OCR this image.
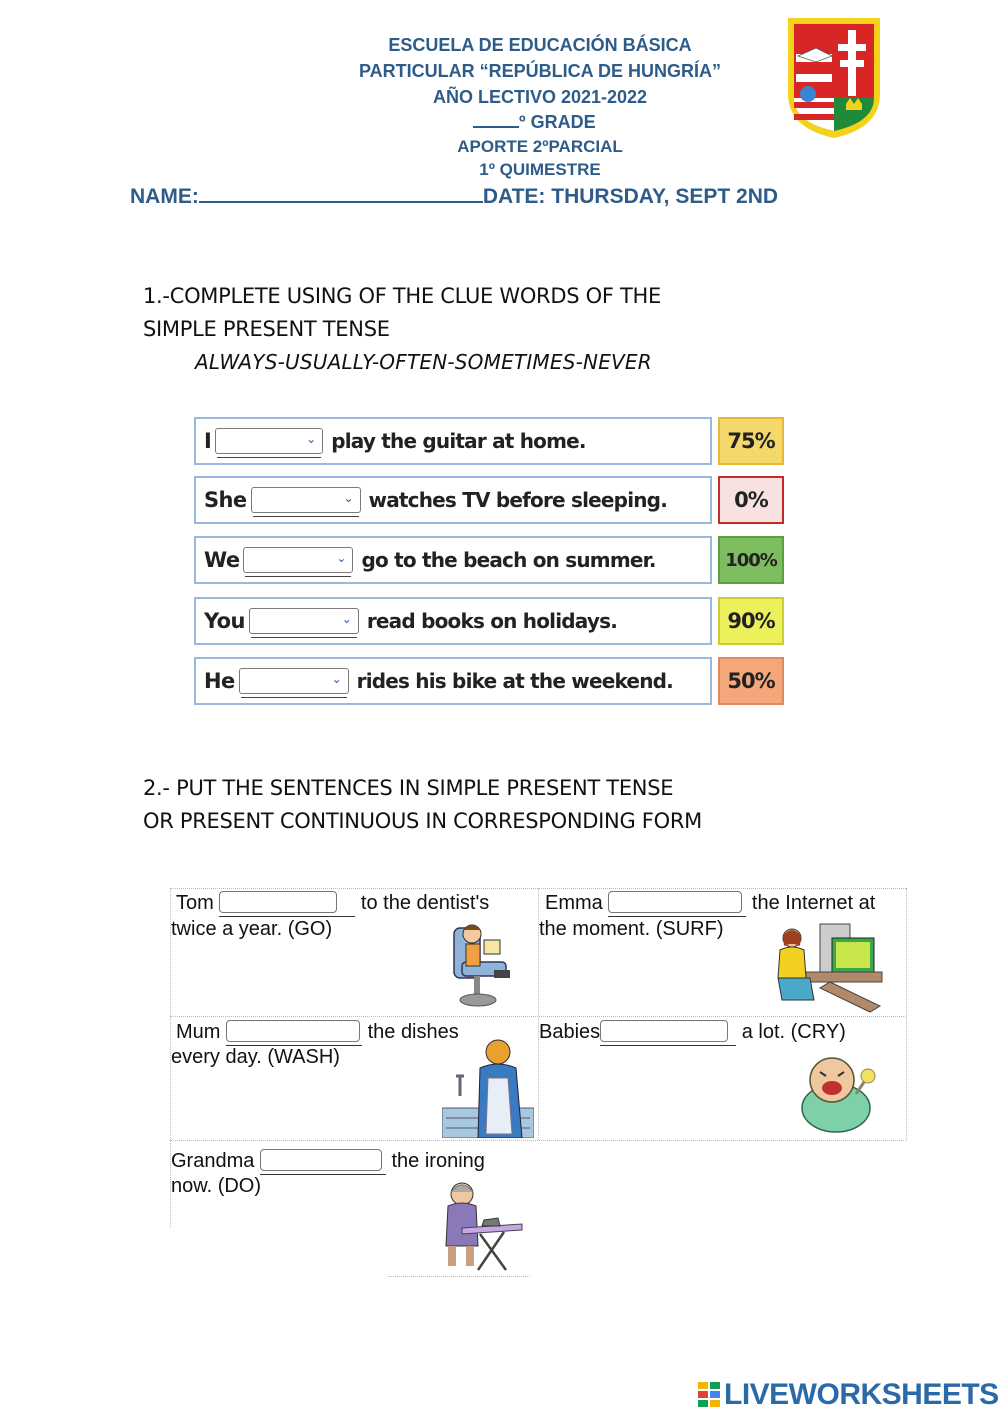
ESCUELA DE EDUCACIÓN BÁSICA
PARTICULAR “REPÚBLICA DE HUNGRÍA”
AÑO LECTIVO 2021-2022
º GRADE
APORTE 2ºPARCIAL
1º QUIMESTRE
NAME:	DATE: THURSDAY, SEPT 2ND
1.-COMPLETE USING OF THE CLUE WORDS OF THE
SIMPLE PRESENT TENSE
ALWAYS-USUALLY-OFTEN-SOMETIMES-NEVER
I	⌄ play the guitar at home.	75%
She	⌄ watches TV before sleeping.	0%
We	⌄ go to the beach on summer.	100%
You	⌄ read books on holidays.	90%
He	⌄ rides his bike at the weekend.	50%
2.- PUT THE SENTENCES IN SIMPLE PRESENT TENSE
OR PRESENT CONTINUOUS IN CORRESPONDING FORM
Tom	to the dentist's
twice a year. (GO)
Emma	the Internet at
the moment. (SURF)
Mum	the dishes
every day. (WASH)
Babies	a lot. (CRY)
Grandma	the ironing
now. (DO)
LIVEWORKSHEETS
